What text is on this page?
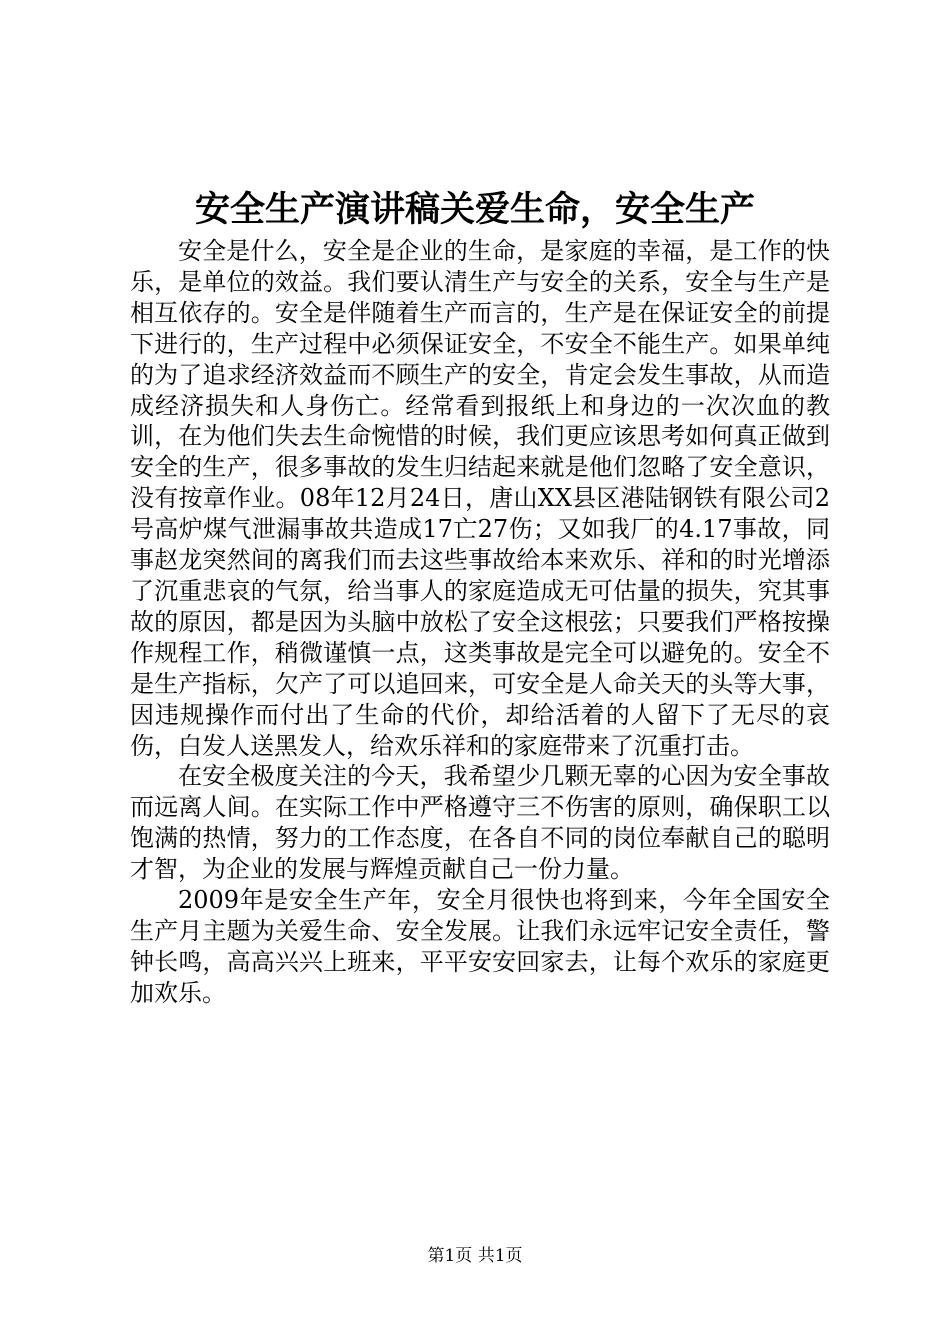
安全生产演讲稿关爱生命，安全生产

安全是什么，安全是企业的生命，是家庭的幸福，是工作的快乐，是单位的效益。我们要认清生产与安全的关系，安全与生产是相互依存的。安全是伴随着生产而言的，生产是在保证安全的前提下进行的，生产过程中必须保证安全，不安全不能生产。如果单纯的为了追求经济效益而不顾生产的安全，肯定会发生事故，从而造成经济损失和人身伤亡。经常看到报纸上和身边的一次次血的教训，在为他们失去生命惋惜的时候，我们更应该思考如何真正做到安全的生产，很多事故的发生归结起来就是他们忽略了安全意识，没有按章作业。08年12月24日，唐山XX县区港陆钢铁有限公司2号高炉煤气泄漏事故共造成17亡27伤；又如我厂的4.17事故，同事赵龙突然间的离我们而去这些事故给本来欢乐、祥和的时光增添了沉重悲哀的气氛，给当事人的家庭造成无可估量的损失，究其事故的原因，都是因为头脑中放松了安全这根弦；只要我们严格按操作规程工作，稍微谨慎一点，这类事故是完全可以避免的。安全不是生产指标，欠产了可以追回来，可安全是人命关天的头等大事，因违规操作而付出了生命的代价，却给活着的人留下了无尽的哀伤，白发人送黑发人，给欢乐祥和的家庭带来了沉重打击。

在安全极度关注的今天，我希望少几颗无辜的心因为安全事故而远离人间。在实际工作中严格遵守三不伤害的原则，确保职工以饱满的热情，努力的工作态度，在各自不同的岗位奉献自己的聪明才智，为企业的发展与辉煌贡献自己一份力量。

2009年是安全生产年，安全月很快也将到来，今年全国安全生产月主题为关爱生命、安全发展。让我们永远牢记安全责任，警钟长鸣，高高兴兴上班来，平平安安回家去，让每个欢乐的家庭更加欢乐。

第1页 共1页
